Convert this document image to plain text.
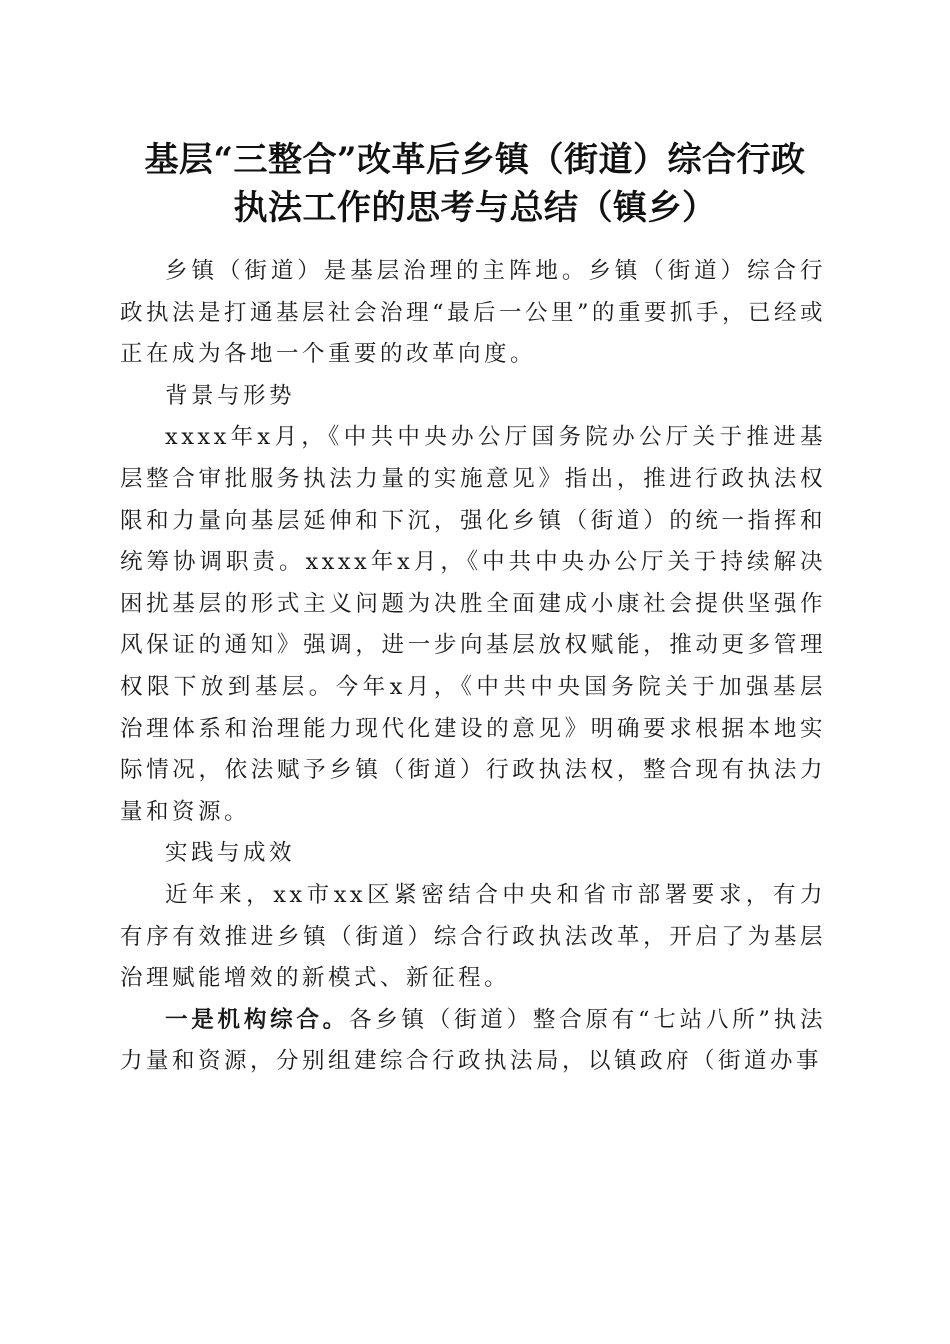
基层“三整合”改革后乡镇（街道）综合行政
执法工作的思考与总结（镇乡）

乡镇（街道）是基层治理的主阵地。乡镇（街道）综合行政执法是打通基层社会治理“最后一公里”的重要抓手，已经或正在成为各地一个重要的改革向度。

背景与形势

xxxx年x月，《中共中央办公厅国务院办公厅关于推进基层整合审批服务执法力量的实施意见》指出，推进行政执法权限和力量向基层延伸和下沉，强化乡镇（街道）的统一指挥和统筹协调职责。xxxx年x月，《中共中央办公厅关于持续解决困扰基层的形式主义问题为决胜全面建成小康社会提供坚强作风保证的通知》强调，进一步向基层放权赋能，推动更多管理权限下放到基层。今年x月，《中共中央国务院关于加强基层治理体系和治理能力现代化建设的意见》明确要求根据本地实际情况，依法赋予乡镇（街道）行政执法权，整合现有执法力量和资源。

实践与成效

近年来，xx市xx区紧密结合中央和省市部署要求，有力有序有效推进乡镇（街道）综合行政执法改革，开启了为基层治理赋能增效的新模式、新征程。

一是机构综合。各乡镇（街道）整合原有“七站八所”执法力量和资源，分别组建综合行政执法局，以镇政府（街道办事
